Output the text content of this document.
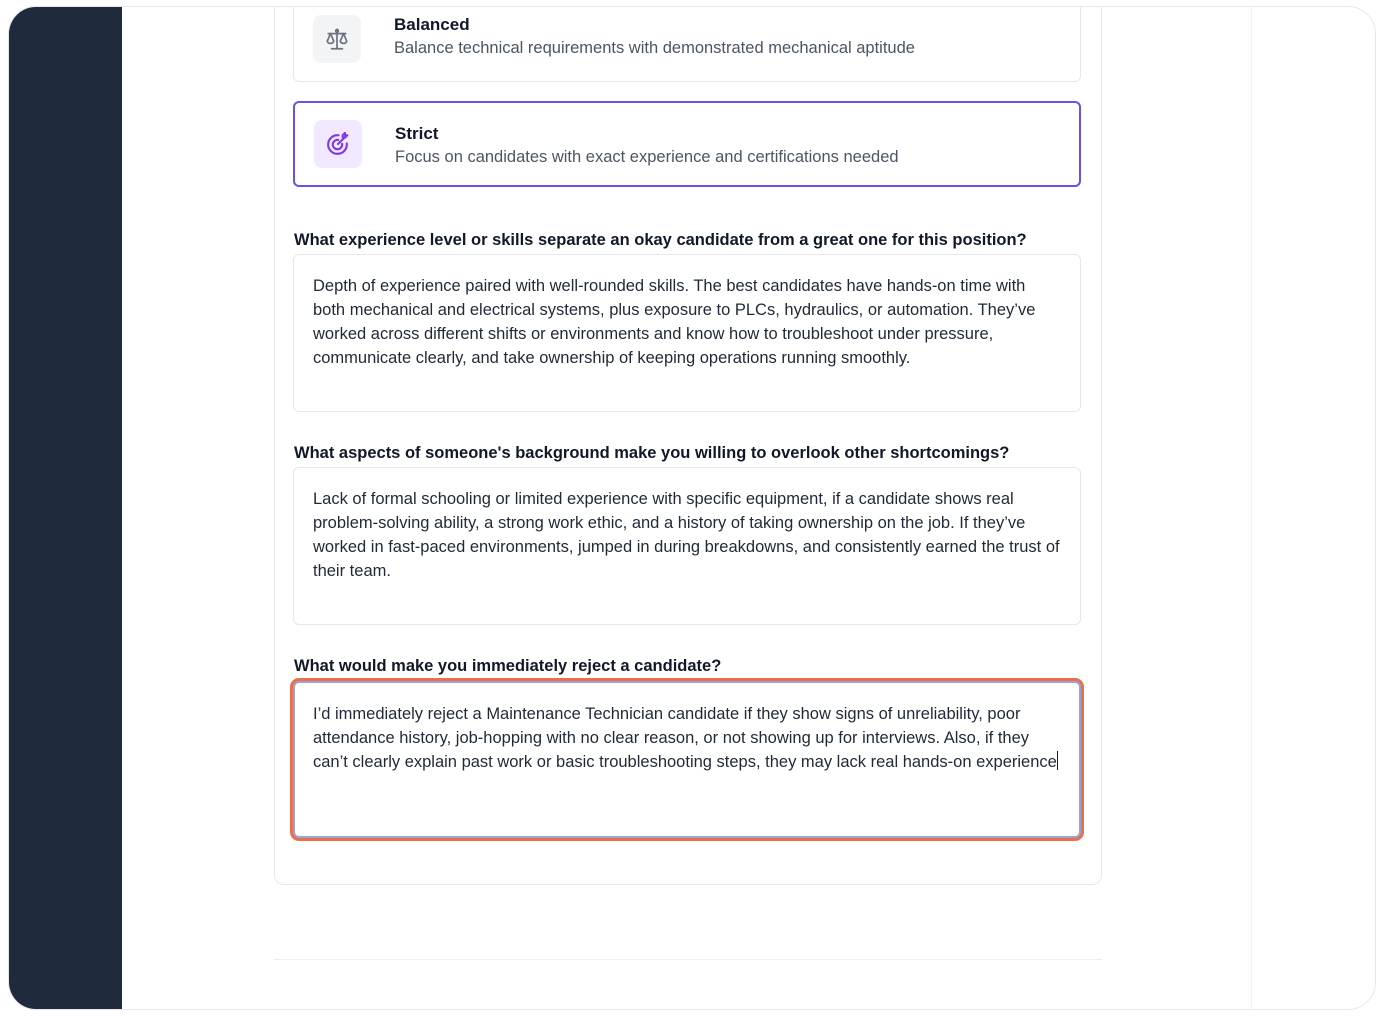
Balanced
Balance technical requirements with demonstrated mechanical aptitude
Strict
Focus on candidates with exact experience and certifications needed
What experience level or skills separate an okay candidate from a great one for this position?
Depth of experience paired with well-rounded skills. The best candidates have hands-on time with both mechanical and electrical systems, plus exposure to PLCs, hydraulics, or automation. They’ve worked across different shifts or environments and know how to troubleshoot under pressure, communicate clearly, and take ownership of keeping operations running smoothly.
What aspects of someone's background make you willing to overlook other shortcomings?
Lack of formal schooling or limited experience with specific equipment, if a candidate shows real problem-solving ability, a strong work ethic, and a history of taking ownership on the job. If they’ve worked in fast-paced environments, jumped in during breakdowns, and consistently earned the trust of their team.
What would make you immediately reject a candidate?
I’d immediately reject a Maintenance Technician candidate if they show signs of unreliability, poor attendance history, job-hopping with no clear reason, or not showing up for interviews. Also, if they can’t clearly explain past work or basic troubleshooting steps, they may lack real hands-on experience
